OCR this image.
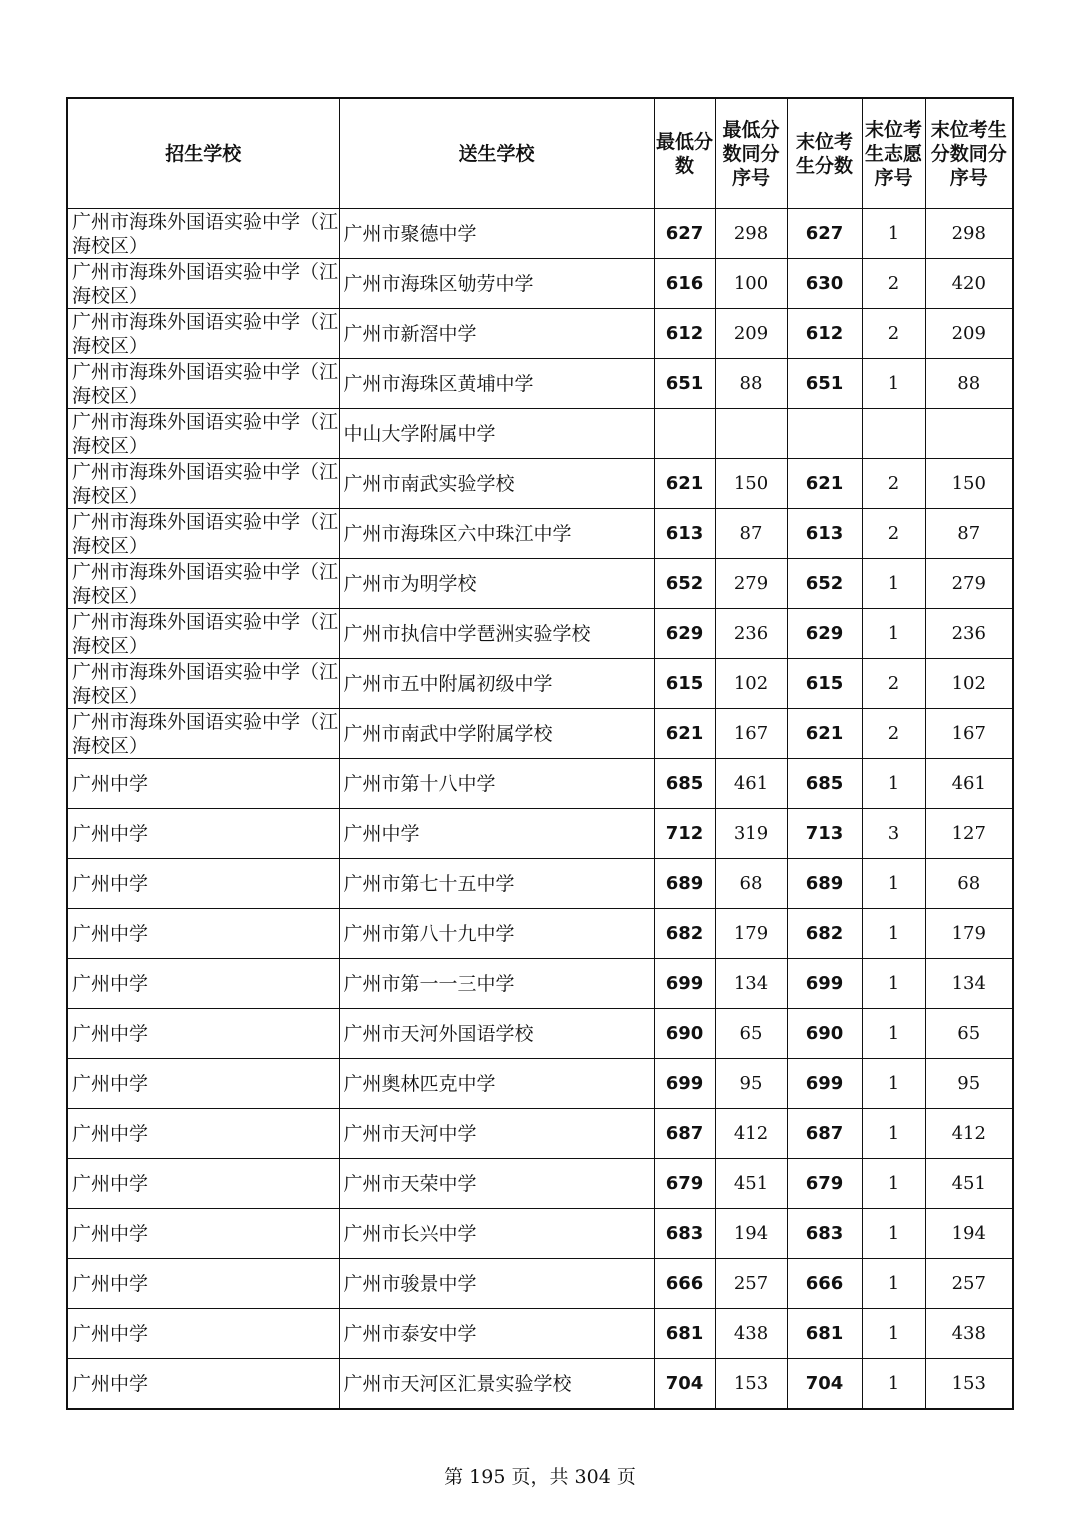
招生学校	送生学校	最低分数	最低分数同分序号	末位考生分数	末位考生志愿序号	末位考生分数同分序号
广州市海珠外国语实验中学（江海校区）	广州市聚德中学	627	298	627	1	298
广州市海珠外国语实验中学（江海校区）	广州市海珠区劬劳中学	616	100	630	2	420
广州市海珠外国语实验中学（江海校区）	广州市新滘中学	612	209	612	2	209
广州市海珠外国语实验中学（江海校区）	广州市海珠区黄埔中学	651	88	651	1	88
广州市海珠外国语实验中学（江海校区）	中山大学附属中学					
广州市海珠外国语实验中学（江海校区）	广州市南武实验学校	621	150	621	2	150
广州市海珠外国语实验中学（江海校区）	广州市海珠区六中珠江中学	613	87	613	2	87
广州市海珠外国语实验中学（江海校区）	广州市为明学校	652	279	652	1	279
广州市海珠外国语实验中学（江海校区）	广州市执信中学琶洲实验学校	629	236	629	1	236
广州市海珠外国语实验中学（江海校区）	广州市五中附属初级中学	615	102	615	2	102
广州市海珠外国语实验中学（江海校区）	广州市南武中学附属学校	621	167	621	2	167
广州中学	广州市第十八中学	685	461	685	1	461
广州中学	广州中学	712	319	713	3	127
广州中学	广州市第七十五中学	689	68	689	1	68
广州中学	广州市第八十九中学	682	179	682	1	179
广州中学	广州市第一一三中学	699	134	699	1	134
广州中学	广州市天河外国语学校	690	65	690	1	65
广州中学	广州奥林匹克中学	699	95	699	1	95
广州中学	广州市天河中学	687	412	687	1	412
广州中学	广州市天荣中学	679	451	679	1	451
广州中学	广州市长兴中学	683	194	683	1	194
广州中学	广州市骏景中学	666	257	666	1	257
广州中学	广州市泰安中学	681	438	681	1	438
广州中学	广州市天河区汇景实验学校	704	153	704	1	153
第 195 页，共 304 页
